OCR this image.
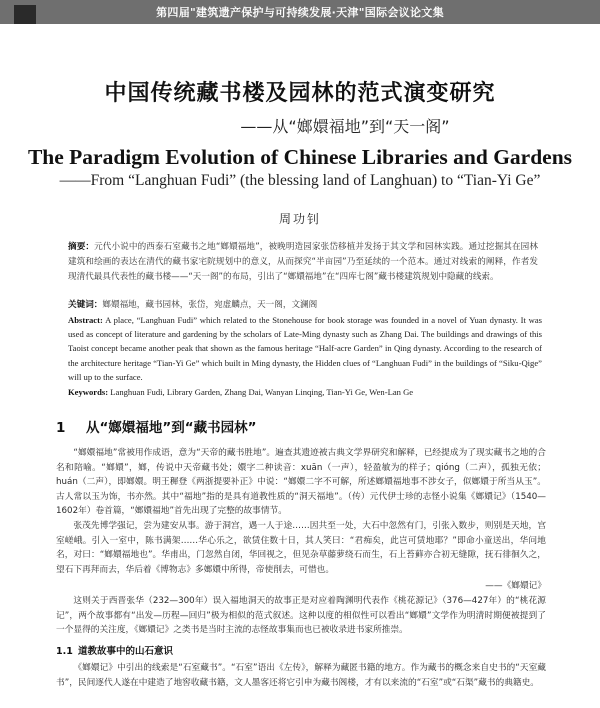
第四届"建筑遗产保护与可持续发展·天津"国际会议论文集
中国传统藏书楼及园林的范式演变研究
——从“嫏嬛福地”到“天一阁”
The Paradigm Evolution of Chinese Libraries and Gardens
——From “Langhuan Fudi” (the blessing land of Langhuan) to “Tian-Yi Ge”
周功钊
摘要：元代小说中的西泰石室藏书之地“嫏嬛福地”，被晚明造园家张岱移植并发扬于其文学和园林实践。通过挖掘其在园林建筑和绘画的表达在清代的藏书家宅院规划中的意义，从而探究“半亩园”乃至延续的一个范本。通过对线索的阐释，作者发现清代最具代表性的藏书楼——“天一阁”的布局，引出了“嫏嬛福地”在“四库七阁”藏书楼建筑规划中隐藏的线索。
关键词：嫏嬛福地，藏书园林，张岱，宛虚麟点，天一阁，文澜阁
Abstract: A place, “Langhuan Fudi” which related to the Stonehouse for book storage was founded in a novel of Yuan dynasty. It was used as concept of literature and gardening by the scholars of Late-Ming dynasty such as Zhang Dai. The buildings and drawings of this Taoist concept became another peak that shown as the famous heritage “Half-acre Garden” in Qing dynasty. According to the research of the architecture heritage “Tian-Yi Ge” which built in Ming dynasty, the Hidden clues of “Langhuan Fudi” in the buildings of “Siku-Qige” will up to the surface.
Keywords: Langhuan Fudi, Library Garden, Zhang Dai, Wanyan Linqing, Tian-Yi Ge, Wen-Lan Ge
1 从“嫏嬛福地”到“藏书园林”
“嫏嬛福地”常被用作成语，意为“天帝的藏书胜地”。遍查其遗迹被古典文学界研究和解释，已经提成为了现实藏书之地的合名和陪喻。“嫏嬛”，嫏，传说中天帝藏书处；嬛字二种读音：xuān（一声），轻盈敏为的样子；qióng（二声），孤独无依；huán（二声），即嫏嬛。明王穉登《两浙提要补正》中说：“嫏嬛二字不可解，所述嫏嬛福地事不涉女子，似嫏嬛于所当从玉”。古人常以玉为饰，书亦然。其中“福地”指的是具有道教性质的“洞天福地”。（传）元代伊士珍的志怪小说集《嫏嬛记》（1540—1602年）卷首篇，“嫏嬛福地”首先出现了完整的故事情节。
张茂先博学强记，尝为建安从事。游于洞宫，遇一人于途……因共至一处，大石中忽然有门，引张入数步，则别是天地，宫室嵯峨。引入一室中，陈书满架……华心乐之，欲赁住数十日，其人笑曰：“君痴矣，此岂可赁地耶？”即命小童送出，华问地名，对曰：“嫏嬛福地也”。华甫出，门忽然自闭，华回视之，但见杂草藤萝绕石而生，石上苔藓亦合初无缝隙，抚石徘徊久之，望石下再拜而去，华后着《博物志》多嫏嬛中所得，帝使削去，可惜也。
——《嫏嬛记》
这则关于西晋张华（232—300年）误入福地洞天的故事正是对应着陶渊明代表作《桃花源记》（376—427年）的“桃花源记”，两个故事都有“出发—历程—回归”极为相似的范式叙述。这种以度的相似性可以看出“嫏嬛”文学作为明清时期便被提到了一个显得的关注度，《嫏嬛记》之类书是当时主流的志怪故事集而也已被收录进书家所推崇。
1.1 道教故事中的山石意识
《嫏嬛记》中引出的线索是“石室藏书”。“石室”语出《左传》，解释为藏匿书籍的地方。作为藏书的概念来自史书的“天室藏书”，民间逐代人遂在中建造了地窖收藏书籍，文人墨客还将它引申为藏书阁楼，才有以来流的“石室”或“石渠”藏书的典籍史。
